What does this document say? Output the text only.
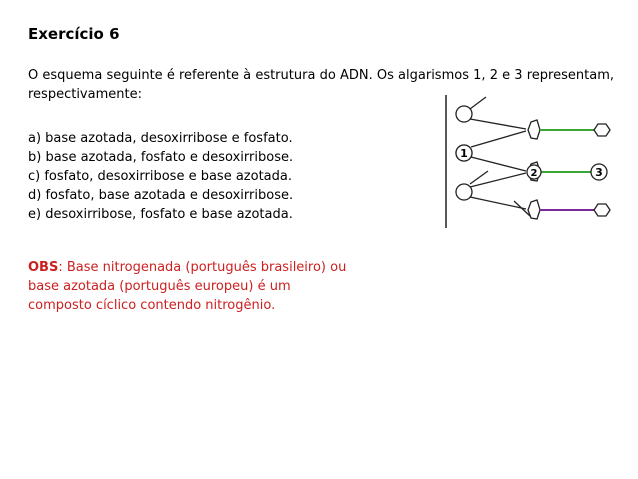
Exercício 6

O esquema seguinte é referente à estrutura do ADN. Os algarismos 1, 2 e 3 representam, respectivamente:

a) base azotada, desoxirribose e fosfato.
b) base azotada, fosfato e desoxirribose.
c) fosfato, desoxirribose e base azotada.
d) fosfato, base azotada e desoxirribose.
e) desoxirribose, fosfato e base azotada.

OBS: Base nitrogenada (português brasileiro) ou base azotada (português europeu) é um composto cíclico contendo nitrogênio.

1
2	3
